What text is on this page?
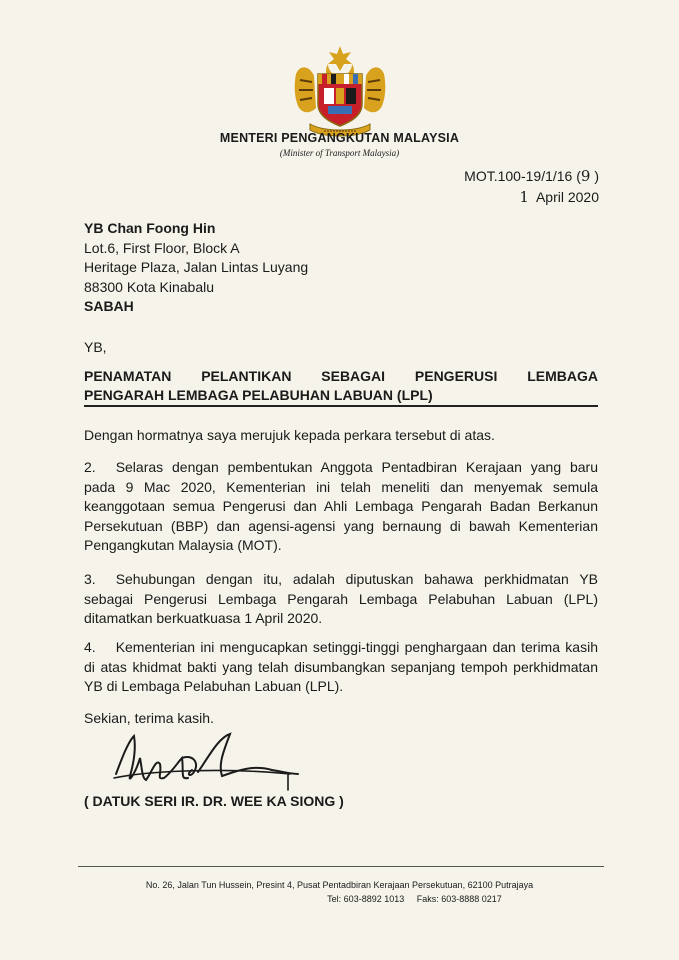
MENTERI PENGANGKUTAN MALAYSIA
(Minister of Transport Malaysia)
MOT.100-19/1/16 (9 )
1  April 2020
YB Chan Foong Hin
Lot.6, First Floor, Block A
Heritage Plaza, Jalan Lintas Luyang
88300 Kota Kinabalu
SABAH
YB,
PENAMATAN PELANTIKAN SEBAGAI PENGERUSI LEMBAGA
PENGARAH LEMBAGA PELABUHAN LABUAN (LPL)
Dengan hormatnya saya merujuk kepada perkara tersebut di atas.
2. Selaras dengan pembentukan Anggota Pentadbiran Kerajaan yang baru pada 9 Mac 2020, Kementerian ini telah meneliti dan menyemak semula keanggotaan semua Pengerusi dan Ahli Lembaga Pengarah Badan Berkanun Persekutuan (BBP) dan agensi-agensi yang bernaung di bawah Kementerian Pengangkutan Malaysia (MOT).
3. Sehubungan dengan itu, adalah diputuskan bahawa perkhidmatan YB sebagai Pengerusi Lembaga Pengarah Lembaga Pelabuhan Labuan (LPL) ditamatkan berkuatkuasa 1 April 2020.
4. Kementerian ini mengucapkan setinggi-tinggi penghargaan dan terima kasih di atas khidmat bakti yang telah disumbangkan sepanjang tempoh perkhidmatan YB di Lembaga Pelabuhan Labuan (LPL).
Sekian, terima kasih.
( DATUK SERI IR. DR. WEE KA SIONG )
No. 26, Jalan Tun Hussein, Presint 4, Pusat Pentadbiran Kerajaan Persekutuan, 62100 Putrajaya
Tel: 603-8892 1013     Faks: 603-8888 0217
